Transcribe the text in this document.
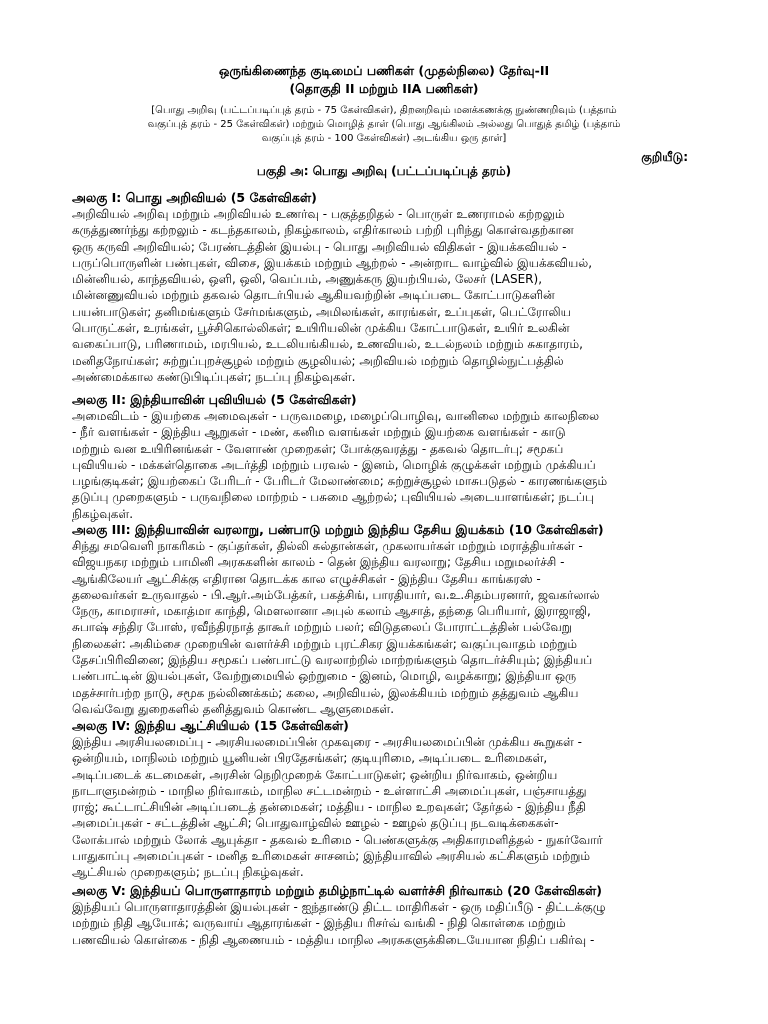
ஒருங்கிணைந்த குடிமைப் பணிகள் (முதல்நிலை) தேர்வு-II
(தொகுதி II மற்றும் IIA பணிகள்)
[பொது அறிவு (பட்டப்படிப்புத் தரம் - 75 கேள்விகள்), திறனறிவும் மனக்கணக்கு நுண்ணறிவும் (பத்தாம்
வகுப்புத் தரம் - 25 கேள்விகள்) மற்றும் மொழித் தாள் (பொது ஆங்கிலம் அல்லது பொதுத் தமிழ் (பத்தாம்
வகுப்புத் தரம் - 100 கேள்விகள்) அடங்கிய ஒரு தாள்]
குறியீடு:
பகுதி அ: பொது அறிவு (பட்டப்படிப்புத் தரம்)
அலகு I: பொது அறிவியல் (5 கேள்விகள்)
அறிவியல் அறிவு மற்றும் அறிவியல் உணர்வு - பகுத்தறிதல் - பொருள் உணராமல் கற்றலும்
கருத்துணர்ந்து கற்றலும் - கடந்தகாலம், நிகழ்காலம், எதிர்காலம் பற்றி புரிந்து கொள்வதற்கான
ஒரு கருவி அறிவியல்; பேரண்டத்தின் இயல்பு - பொது அறிவியல் விதிகள் - இயக்கவியல் -
பருப்பொருளின் பண்புகள், விசை, இயக்கம் மற்றும் ஆற்றல் - அன்றாட வாழ்வில் இயக்கவியல்,
மின்னியல், காந்தவியல், ஒளி, ஒலி, வெப்பம், அணுக்கரு இயற்பியல், லேசர் (LASER),
மின்னணுவியல் மற்றும் தகவல் தொடர்பியல் ஆகியவற்றின் அடிப்படை கோட்பாடுகளின்
பயன்பாடுகள்; தனிமங்களும் சேர்மங்களும், அமிலங்கள், காரங்கள், உப்புகள், பெட்ரோலிய
பொருட்கள், உரங்கள், பூச்சிகொல்லிகள்; உயிரியலின் முக்கிய கோட்பாடுகள், உயிர் உலகின்
வகைப்பாடு, பரிணாமம், மரபியல், உடலியங்கியல், உணவியல், உடல்நலம் மற்றும் சுகாதாரம்,
மனிதநோய்கள்; சுற்றுப்புறச்சூழல் மற்றும் சூழலியல்; அறிவியல் மற்றும் தொழில்நுட்பத்தில்
அண்மைக்கால கண்டுபிடிப்புகள்; நடப்பு நிகழ்வுகள்.
அலகு II: இந்தியாவின் புவியியல் (5 கேள்விகள்)
அமைவிடம் - இயற்கை அமைவுகள் - பருவமழை, மழைப்பொழிவு, வானிலை மற்றும் காலநிலை
- நீர் வளங்கள் - இந்திய ஆறுகள் - மண், கனிம வளங்கள் மற்றும் இயற்கை வளங்கள் - காடு
மற்றும் வன உயிரினங்கள் - வேளாண் முறைகள்; போக்குவரத்து - தகவல் தொடர்பு; சமூகப்
புவியியல் - மக்கள்தொகை அடர்த்தி மற்றும் பரவல் - இனம், மொழிக் குழுக்கள் மற்றும் முக்கியப்
பழங்குடிகள்; இயற்கைப் பேரிடர் - பேரிடர் மேலாண்மை; சுற்றுச்சூழல் மாசுபடுதல் - காரணங்களும்
தடுப்பு முறைகளும் - பருவநிலை மாற்றம் - பசுமை ஆற்றல்; புவியியல் அடையாளங்கள்; நடப்பு
நிகழ்வுகள்.
அலகு III: இந்தியாவின் வரலாறு, பண்பாடு மற்றும் இந்திய தேசிய இயக்கம் (10 கேள்விகள்)
சிந்து சமவெளி நாகரிகம் - குப்தர்கள், தில்லி சுல்தான்கள், முகலாயர்கள் மற்றும் மராத்தியர்கள் -
விஜயநகர மற்றும் பாமினி அரசுகளின் காலம் - தென் இந்திய வரலாறு; தேசிய மறுமலர்ச்சி -
ஆங்கிலேயர் ஆட்சிக்கு எதிரான தொடக்க கால எழுச்சிகள் - இந்திய தேசிய காங்கரஸ் -
தலைவர்கள் உருவாதல் - பி.ஆர்.அம்பேத்கர், பகத்சிங், பாரதியார், வ.உ.சிதம்பரனார், ஜவகர்லால்
நேரு, காமராசர், மகாத்மா காந்தி, மௌலானா அபுல் கலாம் ஆசாத், தந்தை பெரியார், இராஜாஜி,
சுபாஷ் சந்திர போஸ், ரவீந்திரநாத் தாகூர் மற்றும் பலர்; விடுதலைப் போராட்டத்தின் பல்வேறு
நிலைகள்: அகிம்சை முறையின் வளர்ச்சி மற்றும் புரட்சிகர இயக்கங்கள்; வகுப்புவாதம் மற்றும்
தேசப்பிரிவினை; இந்திய சமூகப் பண்பாட்டு வரலாற்றில் மாற்றங்களும் தொடர்ச்சியும்; இந்தியப்
பண்பாட்டின் இயல்புகள், வேற்றுமையில் ஒற்றுமை - இனம், மொழி, வழக்காறு; இந்தியா ஒரு
மதச்சார்பற்ற நாடு, சமூக நல்லிணக்கம்; கலை, அறிவியல், இலக்கியம் மற்றும் தத்துவம் ஆகிய
வெவ்வேறு துறைகளில் தனித்துவம் கொண்ட ஆளுமைகள்.
அலகு IV: இந்திய ஆட்சியியல் (15 கேள்விகள்)
இந்திய அரசியலமைப்பு - அரசியலமைப்பின் முகவுரை - அரசியலமைப்பின் முக்கிய கூறுகள் -
ஒன்றியம், மாநிலம் மற்றும் யூனியன் பிரதேசங்கள்; குடியுரிமை, அடிப்படை உரிமைகள்,
அடிப்படைக் கடமைகள், அரசின் நெறிமுறைக் கோட்பாடுகள்; ஒன்றிய நிர்வாகம், ஒன்றிய
நாடாளுமன்றம் - மாநில நிர்வாகம், மாநில சட்டமன்றம் - உள்ளாட்சி அமைப்புகள், பஞ்சாயத்து
ராஜ்; கூட்டாட்சியின் அடிப்படைத் தன்மைகள்; மத்திய - மாநில உறவுகள்; தேர்தல் - இந்திய நீதி
அமைப்புகள் - சட்டத்தின் ஆட்சி; பொதுவாழ்வில் ஊழல் - ஊழல் தடுப்பு நடவடிக்கைகள்-
லோக்பால் மற்றும் லோக் ஆயுக்தா - தகவல் உரிமை - பெண்களுக்கு அதிகாரமளித்தல் - நுகர்வோர்
பாதுகாப்பு அமைப்புகள் - மனித உரிமைகள் சாசனம்; இந்தியாவில் அரசியல் கட்சிகளும் மற்றும்
ஆட்சியல் முறைகளும்; நடப்பு நிகழ்வுகள்.
அலகு V: இந்தியப் பொருளாதாரம் மற்றும் தமிழ்நாட்டில் வளர்ச்சி நிர்வாகம் (20 கேள்விகள்)
இந்தியப் பொருளாதாரத்தின் இயல்புகள் - ஐந்தாண்டு திட்ட மாதிரிகள் - ஒரு மதிப்பீடு - திட்டக்குழு
மற்றும் நிதி ஆயோக்; வருவாய் ஆதாரங்கள் - இந்திய ரிசர்வ் வங்கி - நிதி கொள்கை மற்றும்
பணவியல் கொள்கை - நிதி ஆணையம் - மத்திய மாநில அரசுகளுக்கிடையேயான நிதிப் பகிர்வு -
